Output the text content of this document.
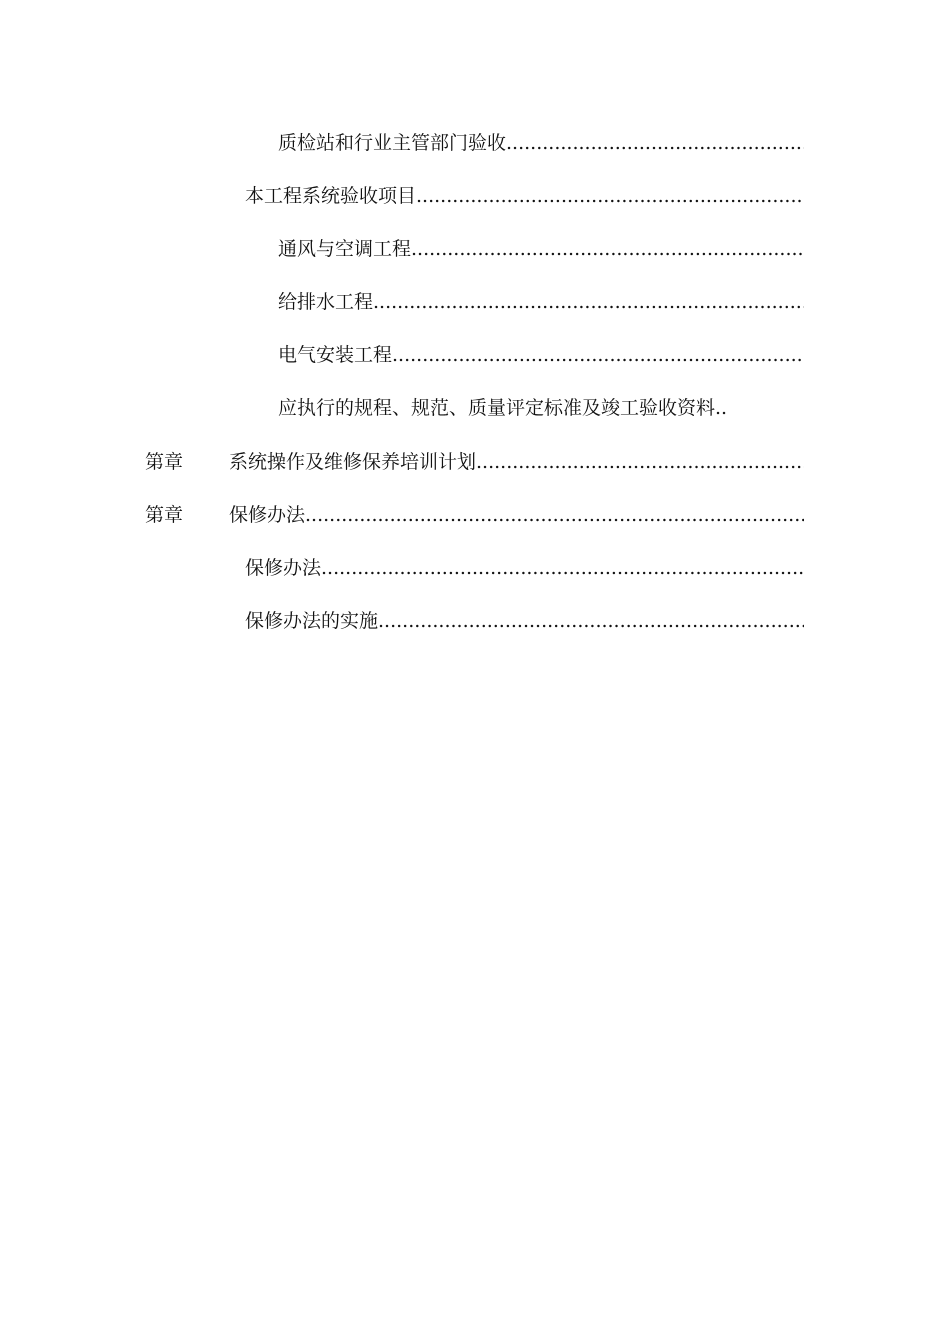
质检站和行业主管部门验收
.....
本工程系统验收项目
.....
通风与空调工程
.....
给排水工程
.....
电气安装工程
.....
应执行的规程、规范、质量评定标准及竣工验收资料
..
第章	系统操作及维修保养培训计划
.....
第章	保修办法
.....
保修办法
.....
保修办法的实施
.....
